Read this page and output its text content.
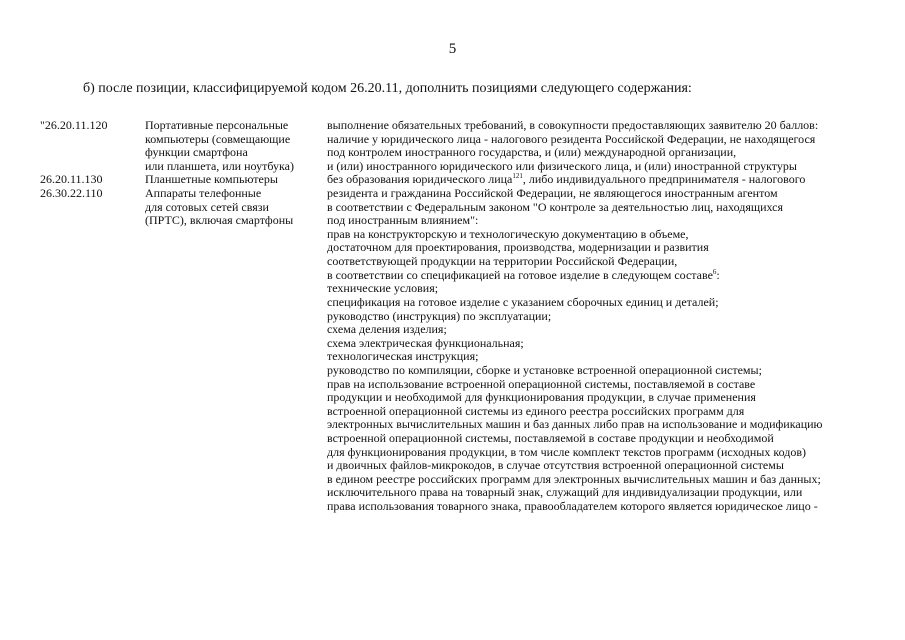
5
б) после позиции, классифицируемой кодом 26.20.11, дополнить позициями следующего содержания:
"26.20.11.120
26.20.11.130
26.30.22.110
Портативные персональные
компьютеры (совмещающие
функции смартфона
или планшета, или ноутбука)
Планшетные компьютеры
Аппараты телефонные
для сотовых сетей связи
(ПРТС), включая смартфоны
выполнение обязательных требований, в совокупности предоставляющих заявителю 20 баллов:
наличие у юридического лица - налогового резидента Российской Федерации, не находящегося
под контролем иностранного государства, и (или) международной организации,
и (или) иностранного юридического или физического лица, и (или) иностранной структуры
без образования юридического лица$^{121}$, либо индивидуального предпринимателя - налогового
резидента и гражданина Российской Федерации, не являющегося иностранным агентом
в соответствии с Федеральным законом "О контроле за деятельностью лиц, находящихся
под иностранным влиянием":
прав на конструкторскую и технологическую документацию в объеме,
достаточном для проектирования, производства, модернизации и развития
соответствующей продукции на территории Российской Федерации,
в соответствии со спецификацией на готовое изделие в следующем составе$^6$:
технические условия;
спецификация на готовое изделие с указанием сборочных единиц и деталей;
руководство (инструкция) по эксплуатации;
схема деления изделия;
схема электрическая функциональная;
технологическая инструкция;
руководство по компиляции, сборке и установке встроенной операционной системы;
прав на использование встроенной операционной системы, поставляемой в составе
продукции и необходимой для функционирования продукции, в случае применения
встроенной операционной системы из единого реестра российских программ для
электронных вычислительных машин и баз данных либо прав на использование и модификацию
встроенной операционной системы, поставляемой в составе продукции и необходимой
для функционирования продукции, в том числе комплект текстов программ (исходных кодов)
и двоичных файлов-микрокодов, в случае отсутствия встроенной операционной системы
в едином реестре российских программ для электронных вычислительных машин и баз данных;
исключительного права на товарный знак, служащий для индивидуализации продукции, или
права использования товарного знака, правообладателем которого является юридическое лицо -
